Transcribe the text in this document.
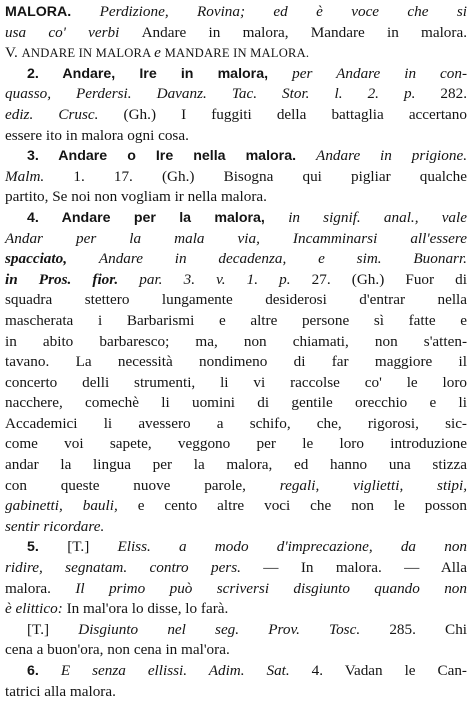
MALORA. Perdizione, Rovina; ed è voce che si
usa co' verbi Andare in malora, Mandare in malora.
V. ANDARE IN MALORA e MANDARE IN MALORA.
2. Andare, Ire in malora, per Andare in con-
quasso, Perdersi. Davanz. Tac. Stor. l. 2. p. 282.
ediz. Crusc. (Gh.) I fuggiti della battaglia accertano
essere ito in malora ogni cosa.
3. Andare o Ire nella malora. Andare in prigione.
Malm. 1. 17. (Gh.) Bisogna qui pigliar qualche
partito, Se noi non vogliam ir nella malora.
4. Andare per la malora, in signif. anal., vale
Andar per la mala via, Incamminarsi all'essere
spacciato, Andare in decadenza, e sim. Buonarr.
in Pros. fior. par. 3. v. 1. p. 27. (Gh.) Fuor di
squadra stettero lungamente desiderosi d'entrar nella
mascherata i Barbarismi e altre persone sì fatte e
in abito barbaresco; ma, non chiamati, non s'atten-
tavano. La necessità nondimeno di far maggiore il
concerto delli strumenti, li vi raccolse co' le loro
nacchere, comechè li uomini di gentile orecchio e li
Accademici li avessero a schifo, che, rigorosi, sic-
come voi sapete, veggono per le loro introduzione
andar la lingua per la malora, ed hanno una stizza
con queste nuove parole, regali, viglietti, stipi,
gabinetti, bauli, e cento altre voci che non le posson
sentir ricordare.
5. [T.] Eliss. a modo d'imprecazione, da non
ridire, segnatam. contro pers. — In malora. — Alla
malora. Il primo può scriversi disgiunto quando non
è elittico: In mal'ora lo disse, lo farà.
[T.] Disgiunto nel seg. Prov. Tosc. 285. Chi
cena a buon'ora, non cena in mal'ora.
6. E senza ellissi. Adim. Sat. 4. Vadan le Can-
tatrici alla malora.
